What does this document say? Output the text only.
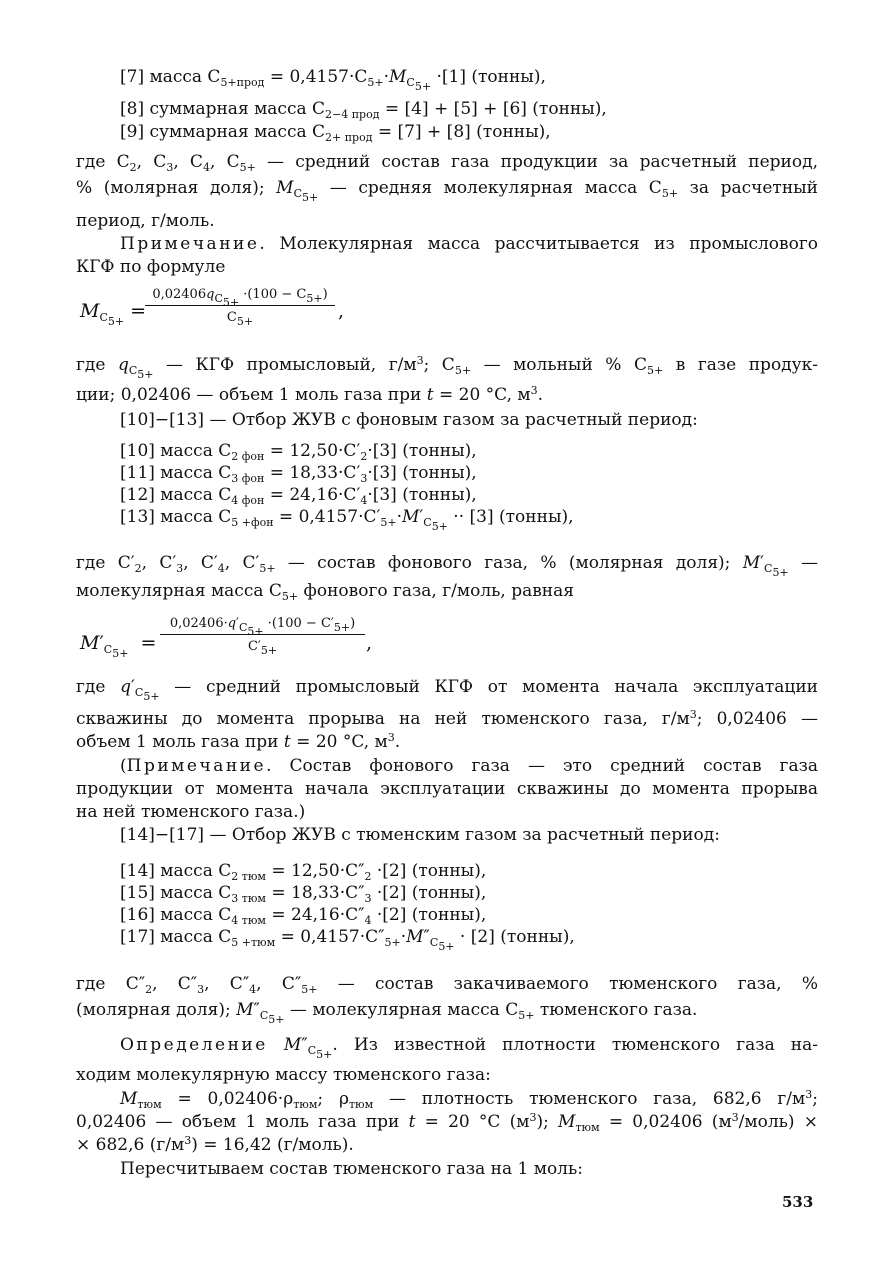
[7] масса $C_{5+прод} = 0,4157\cdot C_{5+}\cdot M_{C_{5+}} \cdot[1]$ (тонны),
[8] суммарная масса $C_{2-4 прод} = [4] + [5] + [6]$ (тонны),
[9] суммарная масса $C_{2+ прод} = [7] + [8]$ (тонны),
где $C_2$, $C_3$, $C_4$, $C_{5+}$ — средний состав газа продукции за расчетный период,
% (молярная доля); $M_{C_{5+}}$ — средняя молекулярная масса $C_{5+}$ за расчетный
период, г/моль.
Примечание. Молекулярная масса рассчитывается из промыслового
КГФ по формуле
$M_{C_{5+}}$ =
$\frac{0,02406q_{C_{5+}} \cdot(100 - C_{5+})}{C_{5+}}$ ,
где $q_{C_{5+}}$ — КГФ промысловый, $г/м^3$; $C_{5+}$ — мольный % $C_{5+}$ в газе продук-
ции; 0,02406 — объем 1 моль газа при t = 20 °C, $м^3$.
[10]−[13] — Отбор ЖУВ с фоновым газом за расчетный период:
[10] масса $C_{2 фон} = 12,50\cdot C'_2\cdot[3]$ (тонны),
[11] масса $C_{3 фон} = 18,33\cdot C'_3\cdot[3]$ (тонны),
[12] масса $C_{4 фон} = 24,16\cdot C'_4\cdot[3]$ (тонны),
[13] масса $C_{5 +фон} = 0,4157\cdot C'_{5+}\cdot M'_{C_{5+}} \cdot\cdot [3]$ (тонны),
где $C'_2$, $C'_3$, $C'_4$, $C'_{5+}$ — состав фонового газа, % (молярная доля); $M'_{C_{5+}}$ —
молекулярная масса $C_{5+}$ фонового газа, г/моль, равная
$M'_{C_{5+}} = \frac{0,02406\cdot q'_{C_{5+}} \cdot(100 - C'_{5+})}{C'_{5+}}$ ,
где $q'_{C_{5+}}$ — средний промысловый КГФ от момента начала эксплуатации
скважины до момента прорыва на ней тюменского газа, $г/м^3$; 0,02406 —
объем 1 моль газа при t = 20 °C, $м^3$.
(Примечание. Состав фонового газа — это средний состав газа
продукции от момента начала эксплуатации скважины до момента прорыва
на ней тюменского газа.)
[14]−[17] — Отбор ЖУВ с тюменским газом за расчетный период:
[14] масса $C_{2 тюм} = 12,50\cdot C''_2 \cdot[2]$ (тонны),
[15] масса $C_{3 тюм} = 18,33\cdot C''_3 \cdot[2]$ (тонны),
[16] масса $C_{4 тюм} = 24,16\cdot C''_4 \cdot[2]$ (тонны),
[17] масса $C_{5 +тюм} = 0,4157\cdot C''_{5+}\cdot M''_{C_{5+}} \cdot [2]$ (тонны),
где $C''_2$, $C''_3$, $C''_4$, $C''_{5+}$ — состав закачиваемого тюменского газа, %
(молярная доля); $M''_{C_{5+}}$ — молекулярная масса $C_{5+}$ тюменского газа.
Определение $M''_{C_{5+}}$. Из известной плотности тюменского газа на-
ходим молекулярную массу тюменского газа:
$M_{тюм} = 0,02406\cdot\rho_{тюм}$; $\rho_{тюм}$ — плотность тюменского газа, 682,6 $г/м^3$;
0,02406 — объем 1 моль газа при t = 20 °C $(м^3)$; $M_{тюм} = 0,02406$ $(м^3/моль)$ ×
× 682,6 $(г/м^3) = 16,42$ (г/моль).
Пересчитываем состав тюменского газа на 1 моль:
533
